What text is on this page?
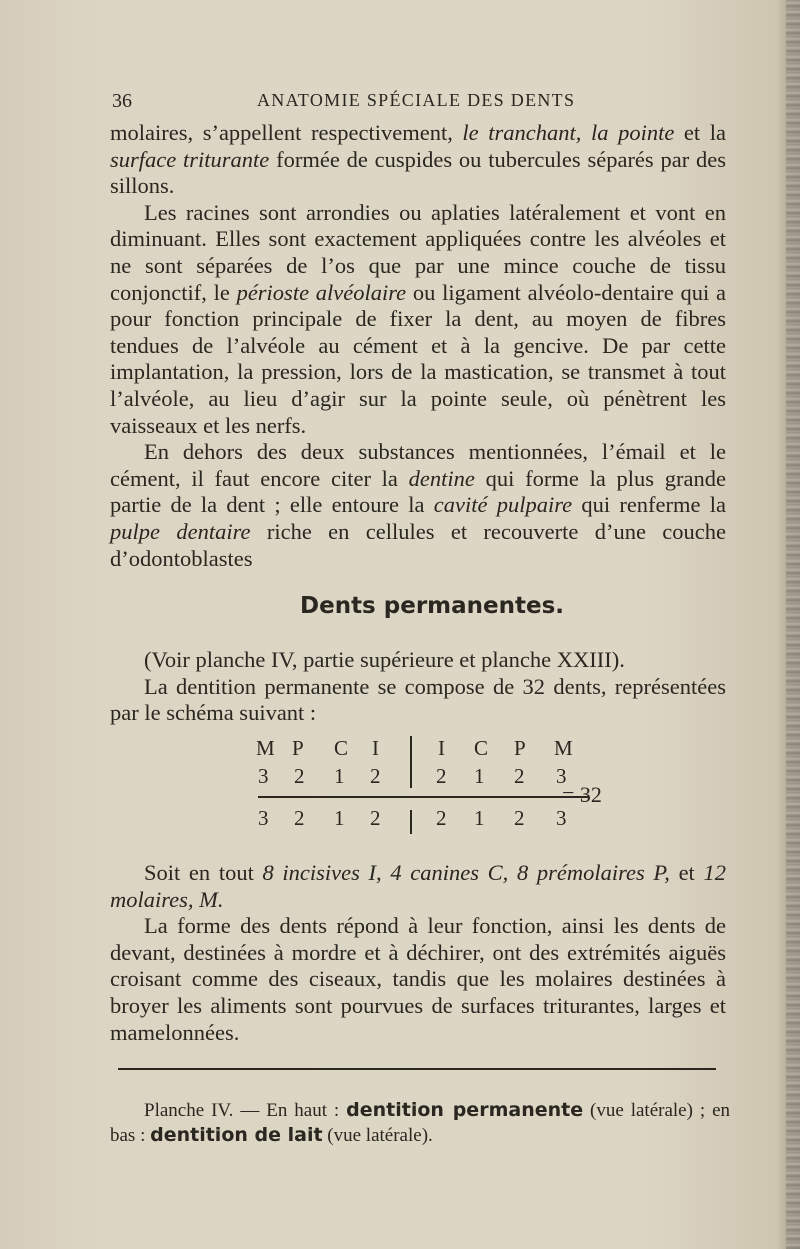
36	ANATOMIE SPÉCIALE DES DENTS

molaires, s’appellent respectivement, le tranchant, la pointe et la surface triturante formée de cuspides ou tubercules séparés par des sillons.

Les racines sont arrondies ou aplaties latéralement et vont en diminuant. Elles sont exactement appliquées contre les alvéoles et ne sont séparées de l’os que par une mince couche de tissu conjonctif, le périoste alvéolaire ou ligament alvéolo-dentaire qui a pour fonction principale de fixer la dent, au moyen de fibres tendues de l’alvéole au cément et à la gencive. De par cette implantation, la pression, lors de la mastication, se transmet à tout l’alvéole, au lieu d’agir sur la pointe seule, où pénètrent les vaisseaux et les nerfs.

En dehors des deux substances mentionnées, l’émail et le cément, il faut encore citer la dentine qui forme la plus grande partie de la dent ; elle entoure la cavité pulpaire qui renferme la pulpe dentaire riche en cellules et recouverte d’une couche d’odontoblastes

Dents permanentes.

(Voir planche IV, partie supérieure et planche XXIII).

La dentition permanente se compose de 32 dents, représentées par le schéma suivant :

M P C I	I C P M
3 2 1 2	2 1 2 3
= 32
3 2 1 2	2 1 2 3

Soit en tout 8 incisives I, 4 canines C, 8 prémolaires P, et 12 molaires, M.

La forme des dents répond à leur fonction, ainsi les dents de devant, destinées à mordre et à déchirer, ont des extrémités aiguës croisant comme des ciseaux, tandis que les molaires destinées à broyer les aliments sont pourvues de surfaces triturantes, larges et mamelonnées.

Planche IV. — En haut : dentition permanente (vue latérale) ; en bas : dentition de lait (vue latérale).
